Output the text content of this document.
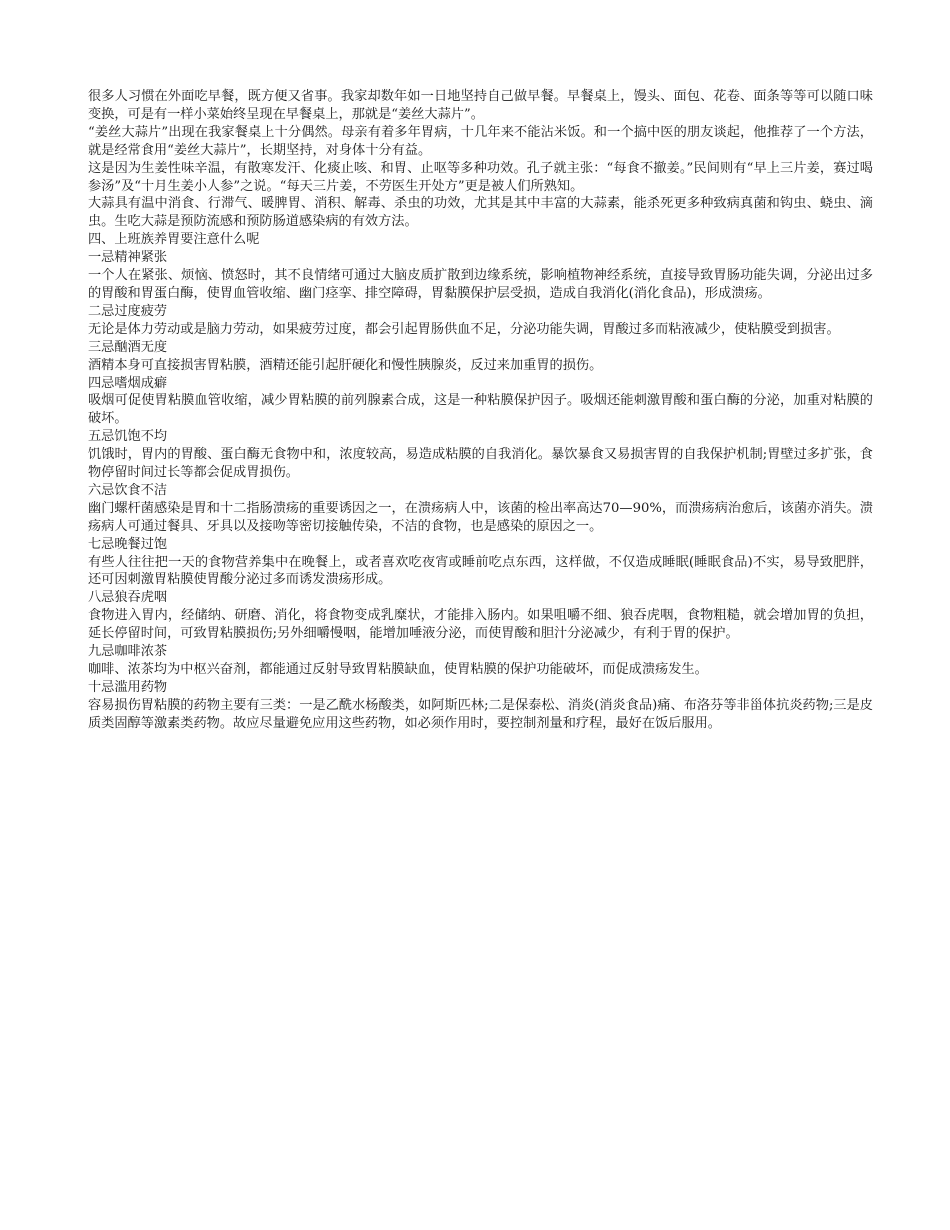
很多人习惯在外面吃早餐，既方便又省事。我家却数年如一日地坚持自己做早餐。早餐桌上，馒头、面包、花卷、面条等等可以随口味变换，可是有一样小菜始终呈现在早餐桌上，那就是“姜丝大蒜片”。

“姜丝大蒜片”出现在我家餐桌上十分偶然。母亲有着多年胃病，十几年来不能沾米饭。和一个搞中医的朋友谈起，他推荐了一个方法，就是经常食用“姜丝大蒜片”，长期坚持，对身体十分有益。

这是因为生姜性味辛温，有散寒发汗、化痰止咳、和胃、止呕等多种功效。孔子就主张：“每食不撤姜。”民间则有“早上三片姜，赛过喝参汤”及“十月生姜小人参”之说。“每天三片姜，不劳医生开处方”更是被人们所熟知。

大蒜具有温中消食、行滞气、暖脾胃、消积、解毒、杀虫的功效，尤其是其中丰富的大蒜素，能杀死更多种致病真菌和钩虫、蛲虫、滴虫。生吃大蒜是预防流感和预防肠道感染病的有效方法。

四、上班族养胃要注意什么呢

一忌精神紧张

一个人在紧张、烦恼、愤怒时，其不良情绪可通过大脑皮质扩散到边缘系统，影响植物神经系统，直接导致胃肠功能失调，分泌出过多的胃酸和胃蛋白酶，使胃血管收缩、幽门痉挛、排空障碍，胃黏膜保护层受损，造成自我消化(消化食品)，形成溃疡。

二忌过度疲劳

无论是体力劳动或是脑力劳动，如果疲劳过度，都会引起胃肠供血不足，分泌功能失调，胃酸过多而粘液减少，使粘膜受到损害。

三忌酗酒无度

酒精本身可直接损害胃粘膜，酒精还能引起肝硬化和慢性胰腺炎，反过来加重胃的损伤。

四忌嗜烟成癖

吸烟可促使胃粘膜血管收缩，减少胃粘膜的前列腺素合成，这是一种粘膜保护因子。吸烟还能刺激胃酸和蛋白酶的分泌，加重对粘膜的破坏。

五忌饥饱不均

饥饿时，胃内的胃酸、蛋白酶无食物中和，浓度较高，易造成粘膜的自我消化。暴饮暴食又易损害胃的自我保护机制;胃壁过多扩张，食物停留时间过长等都会促成胃损伤。

六忌饮食不洁

幽门螺杆菌感染是胃和十二指肠溃疡的重要诱因之一，在溃疡病人中，该菌的检出率高达70—90%，而溃疡病治愈后，该菌亦消失。溃疡病人可通过餐具、牙具以及接吻等密切接触传染，不洁的食物，也是感染的原因之一。

七忌晚餐过饱

有些人往往把一天的食物营养集中在晚餐上，或者喜欢吃夜宵或睡前吃点东西，这样做，不仅造成睡眠(睡眠食品)不实，易导致肥胖，还可因刺激胃粘膜使胃酸分泌过多而诱发溃疡形成。

八忌狼吞虎咽

食物进入胃内，经储纳、研磨、消化，将食物变成乳糜状，才能排入肠内。如果咀嚼不细、狼吞虎咽，食物粗糙，就会增加胃的负担，延长停留时间，可致胃粘膜损伤;另外细嚼慢咽，能增加唾液分泌，而使胃酸和胆汁分泌减少，有利于胃的保护。

九忌咖啡浓茶

咖啡、浓茶均为中枢兴奋剂，都能通过反射导致胃粘膜缺血，使胃粘膜的保护功能破坏，而促成溃疡发生。

十忌滥用药物

容易损伤胃粘膜的药物主要有三类：一是乙酰水杨酸类，如阿斯匹林;二是保泰松、消炎(消炎食品)痛、布洛芬等非甾体抗炎药物;三是皮质类固醇等激素类药物。故应尽量避免应用这些药物，如必须作用时，要控制剂量和疗程，最好在饭后服用。
